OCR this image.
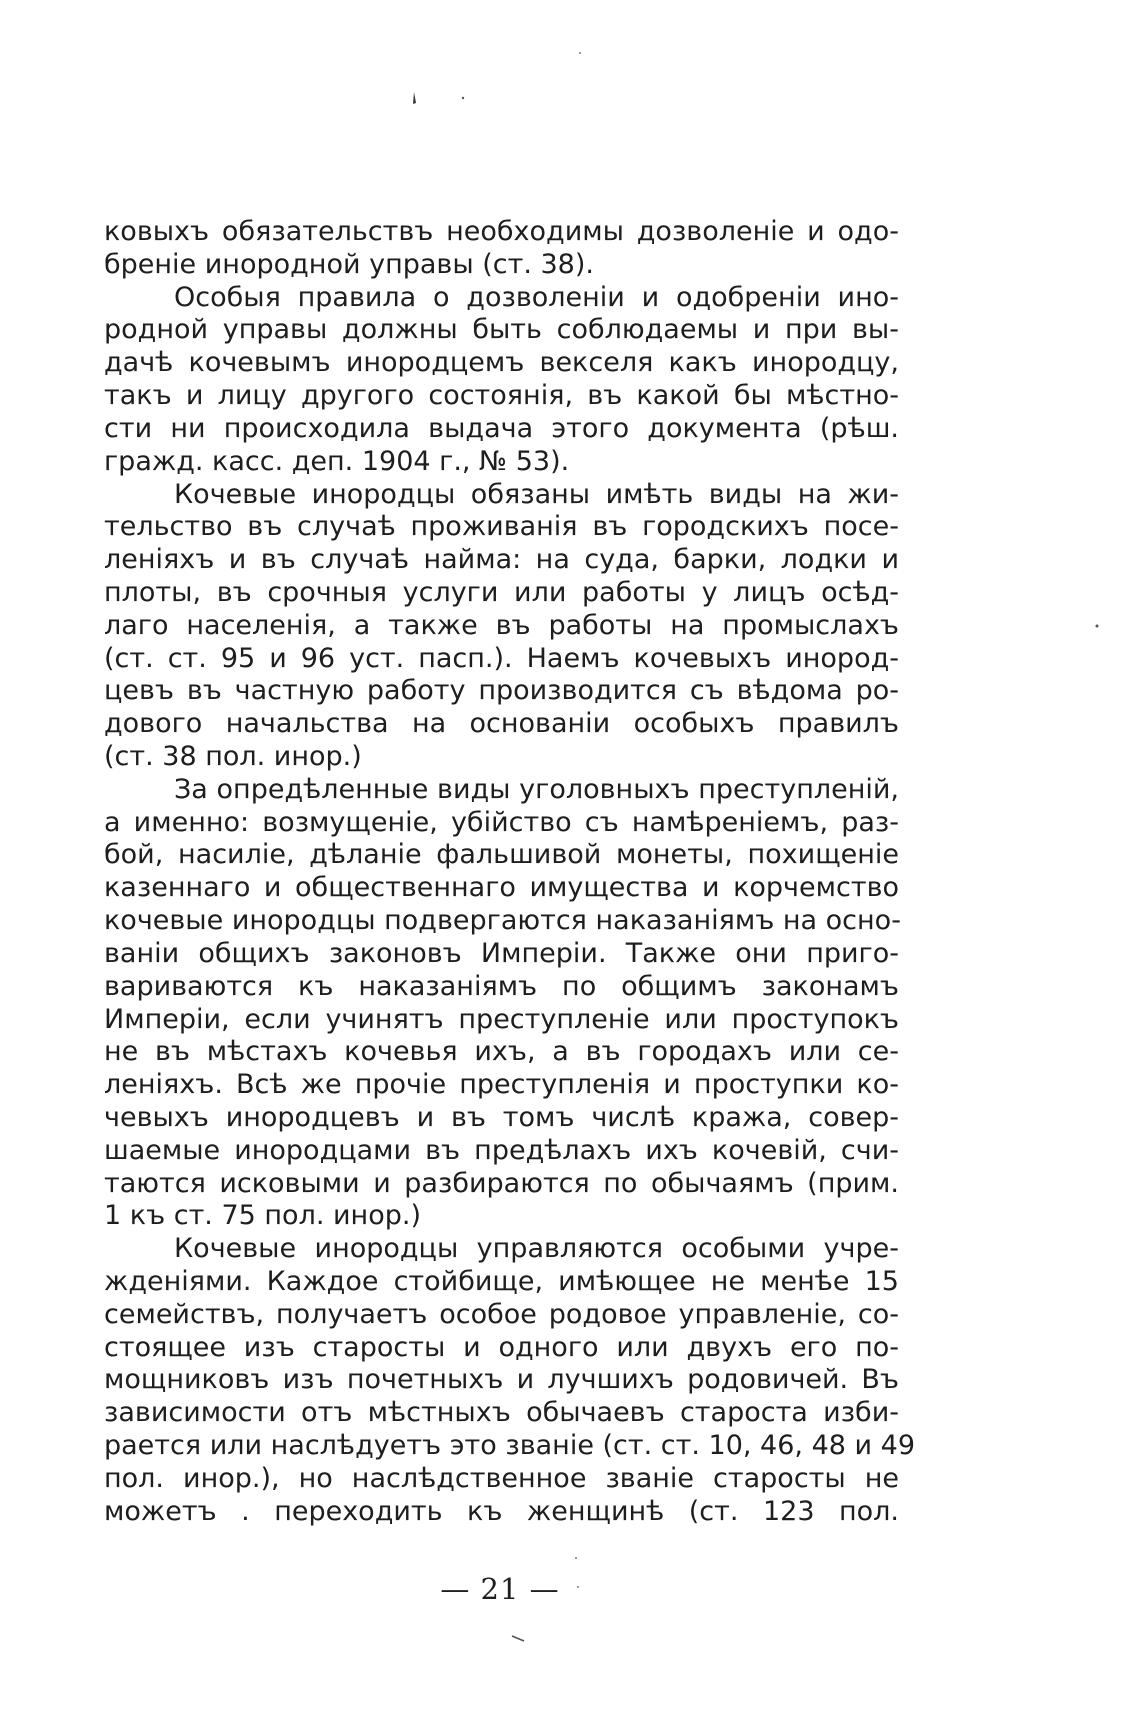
ковыхъ обязательствъ необходимы дозволенiе и одо-
бренiе инородной управы (ст. 38).
Особыя правила о дозволенiи и одобренiи ино-
родной управы должны быть соблюдаемы и при вы-
дачѣ кочевымъ инородцемъ векселя какъ инородцу,
такъ и лицу другого состоянiя, въ какой бы мѣстно-
сти ни происходила выдача этого документа (рѣш.
гражд. касс. деп. 1904 г., № 53).
Кочевые инородцы обязаны имѣть виды на жи-
тельство въ случаѣ проживанiя въ городскихъ посе-
ленiяхъ и въ случаѣ найма: на суда, барки, лодки и
плоты, въ срочныя услуги или работы у лицъ осѣд-
лаго населенiя, а также въ работы на промыслахъ
(ст. ст. 95 и 96 уст. пасп.). Наемъ кочевыхъ инород-
цевъ въ частную работу производится съ вѣдома ро-
дового начальства на основанiи особыхъ правилъ
(ст. 38 пол. инор.)
За опредѣленные виды уголовныхъ преступленiй,
а именно: возмущенiе, убiйство съ намѣренiемъ, раз-
бой, насилiе, дѣланiе фальшивой монеты, похищенiе
казеннаго и общественнаго имущества и корчемство
кочевые инородцы подвергаются наказанiямъ на осно-
ванiи общихъ законовъ Имперiи. Также они приго-
вариваются къ наказанiямъ по общимъ законамъ
Имперiи, если учинятъ преступленiе или проступокъ
не въ мѣстахъ кочевья ихъ, а въ городахъ или се-
ленiяхъ. Всѣ же прочiе преступленiя и проступки ко-
чевыхъ инородцевъ и въ томъ числѣ кража, совер-
шаемые инородцами въ предѣлахъ ихъ кочевiй, счи-
таются исковыми и разбираются по обычаямъ (прим.
1 къ ст. 75 пол. инор.)
Кочевые инородцы управляются особыми учре-
жденiями. Каждое стойбище, имѣющее не менѣе 15
семействъ, получаетъ особое родовое управленiе, со-
стоящее изъ старосты и одного или двухъ его по-
мощниковъ изъ почетныхъ и лучшихъ родовичей. Въ
зависимости отъ мѣстныхъ обычаевъ староста изби-
рается или наслѣдуетъ это званiе (ст. ст. 10, 46, 48 и 49
пол. инор.), но наслѣдственное званiе старосты не
можетъ . переходить къ женщинѣ (ст. 123 пол.
— 21 —
